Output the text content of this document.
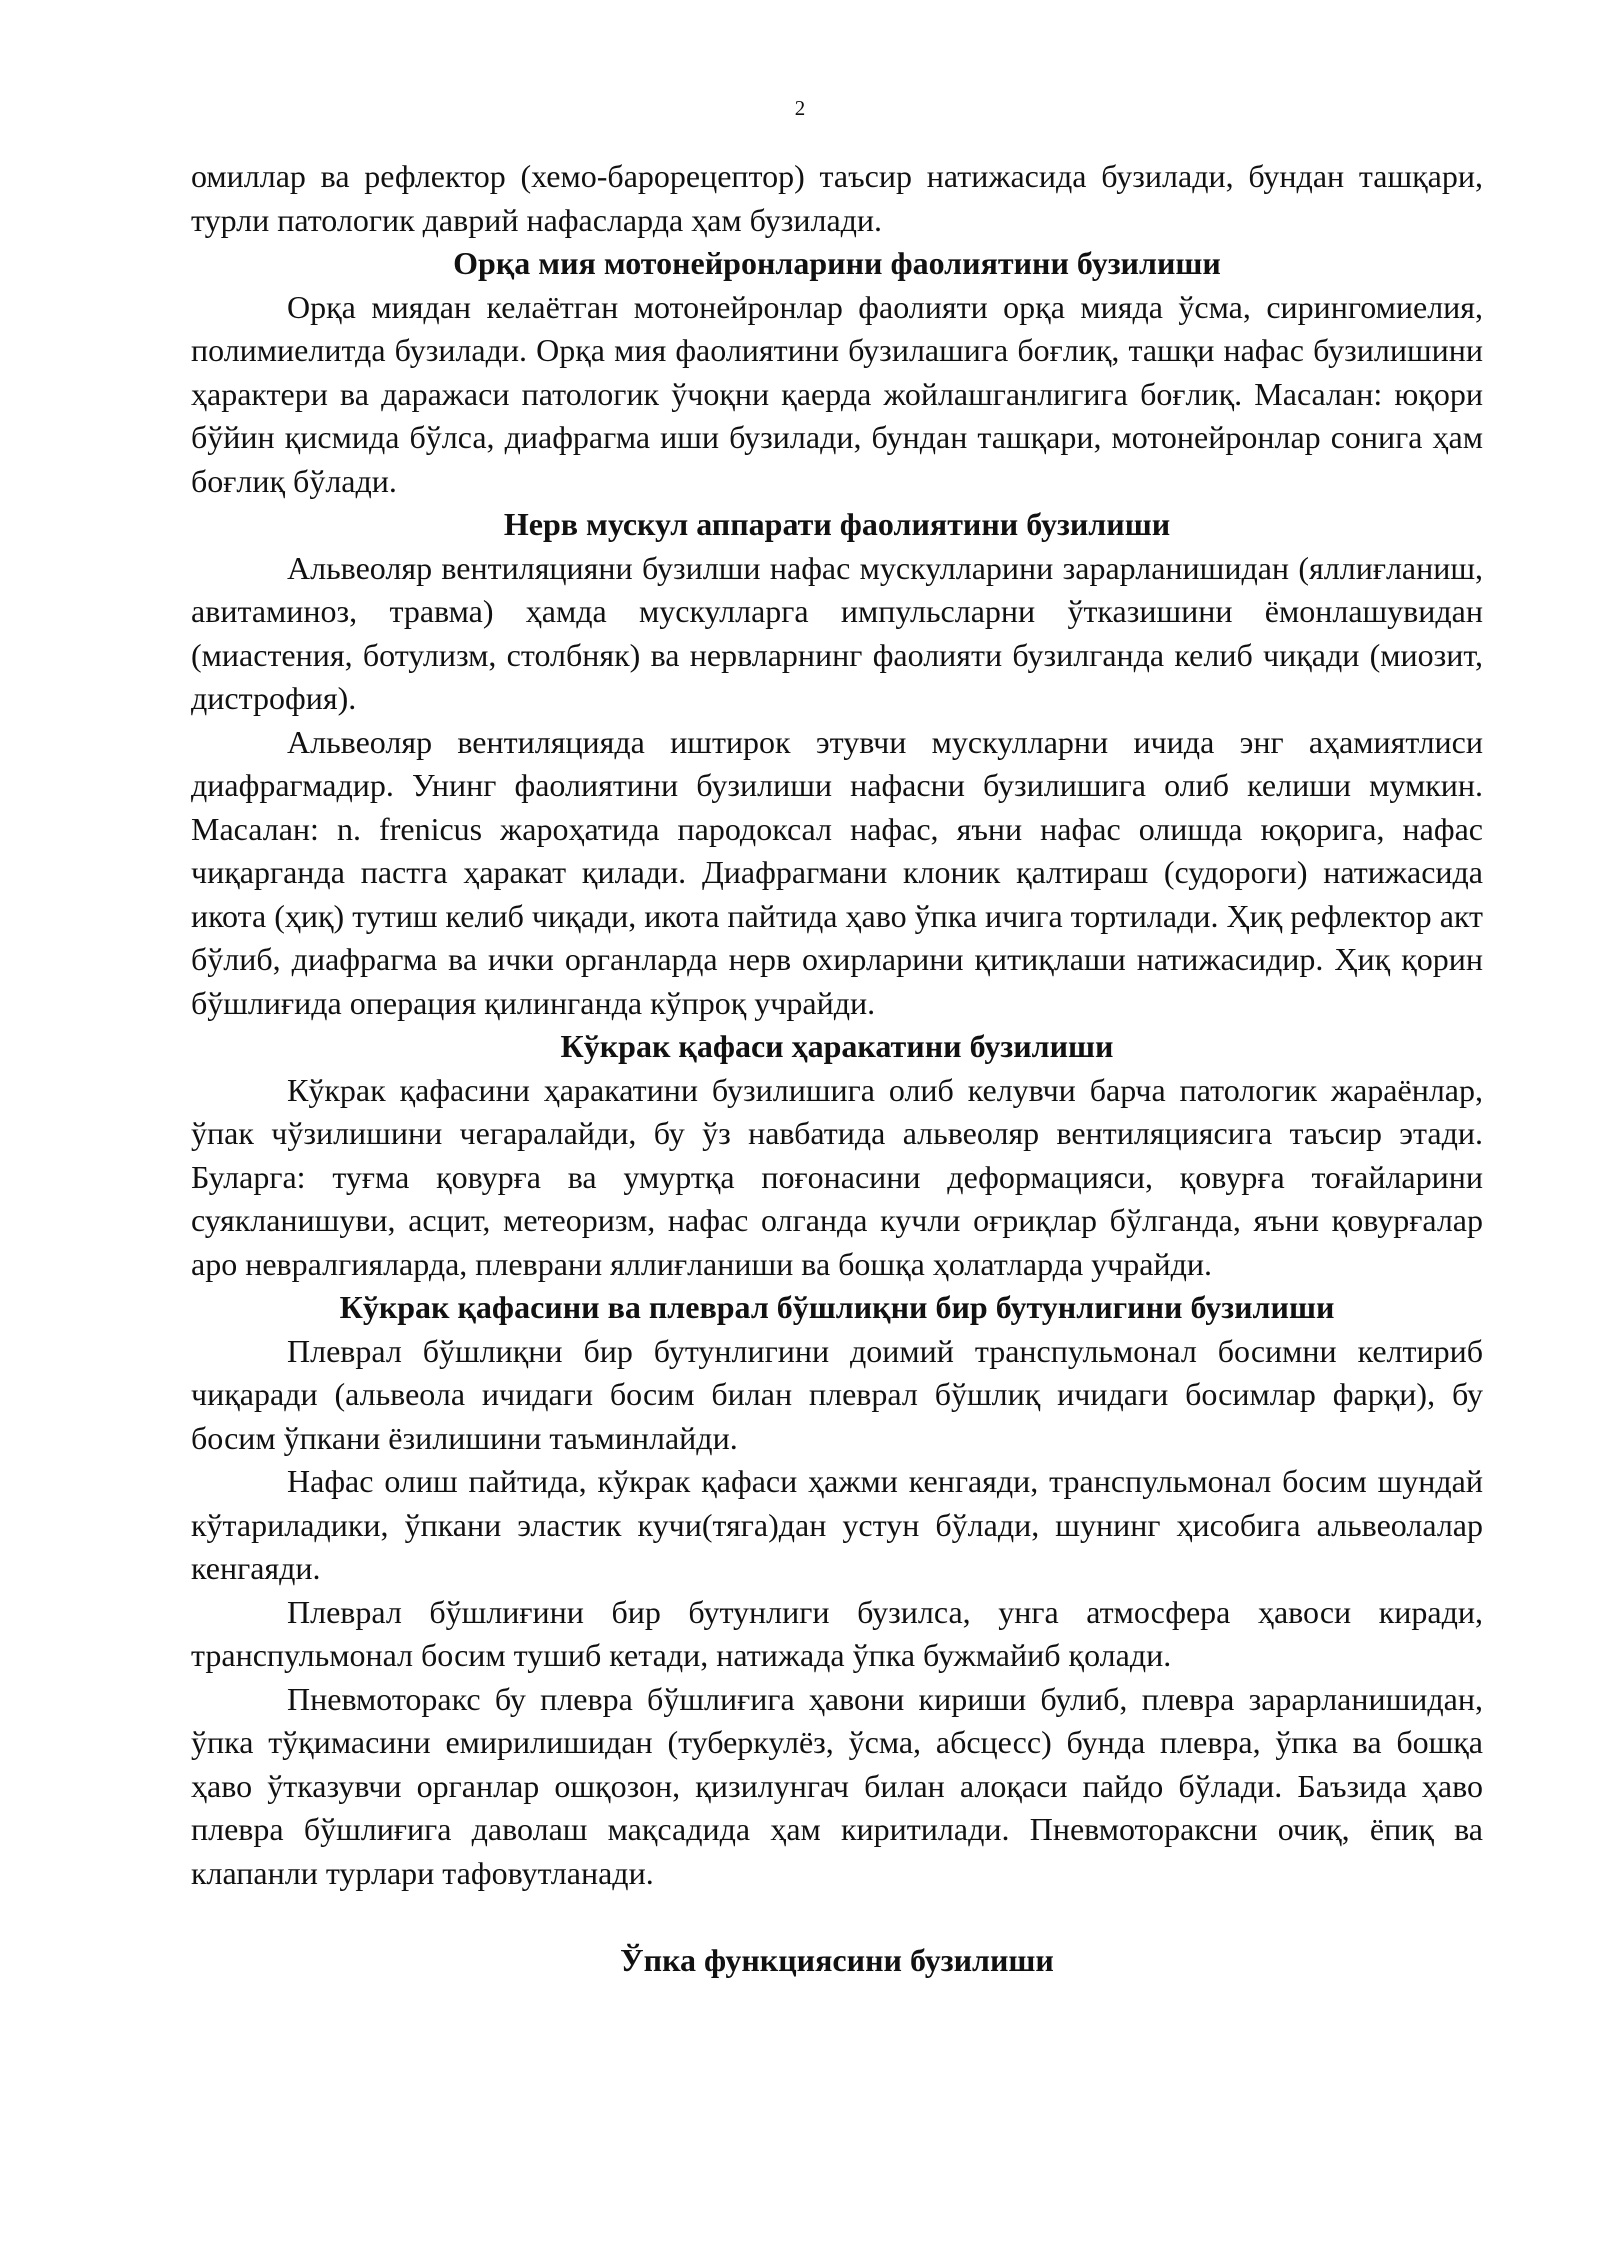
2

омиллар ва рефлектор (хемо-барорецептор) таъсир натижасида бузилади, бундан ташқари, турли патологик даврий нафасларда ҳам бузилади.

Орқа мия мотонейронларини фаолиятини бузилиши

Орқа миядан келаётган мотонейронлар фаолияти орқа мияда ўсма, сирингомиелия, полимиелитда бузилади. Орқа мия фаолиятини бузилашига боғлиқ, ташқи нафас бузилишини ҳарактери ва даражаси патологик ўчоқни қаерда жойлашганлигига боғлиқ. Масалан: юқори бўйин қисмида бўлса, диафрагма иши бузилади, бундан ташқари, мотонейронлар сонига ҳам боғлиқ бўлади.

Нерв мускул аппарати фаолиятини бузилиши

Альвеоляр вентиляцияни бузилши нафас мускулларини зарарланишидан (яллиғланиш, авитаминоз, травма) ҳамда мускулларга импульсларни ўтказишини ёмонлашувидан (миастения, ботулизм, столбняк) ва нервларнинг фаолияти бузилганда келиб чиқади (миозит, дистрофия).

Альвеоляр вентиляцияда иштирок этувчи мускулларни ичида энг аҳамиятлиси диафрагмадир. Унинг фаолиятини бузилиши нафасни бузилишига олиб келиши мумкин. Масалан: n. frenicus жароҳатида пародоксал нафас, яъни нафас олишда юқорига, нафас чиқарганда пастга ҳаракат қилади. Диафрагмани клоник қалтираш (судороги) натижасида икота (ҳиқ) тутиш келиб чиқади, икота пайтида ҳаво ўпка ичига тортилади. Ҳиқ рефлектор акт бўлиб, диафрагма ва ички органларда нерв охирларини қитиқлаши натижасидир. Ҳиқ қорин бўшлиғида операция қилинганда кўпроқ учрайди.

Кўкрак қафаси ҳаракатини бузилиши

Кўкрак қафасини ҳаракатини бузилишига олиб келувчи барча патологик жараёнлар, ўпак чўзилишини чегаралайди, бу ўз навбатида альвеоляр вентиляциясига таъсир этади. Буларга: туғма қовурға ва умуртқа поғонасини деформацияси, қовурға тоғайларини суякланишуви, асцит, метеоризм, нафас олганда кучли оғриқлар бўлганда, яъни қовурғалар аро невралгияларда, плеврани яллиғланиши ва бошқа ҳолатларда учрайди.

Кўкрак қафасини ва плеврал бўшлиқни бир бутунлигини бузилиши

Плеврал бўшлиқни бир бутунлигини доимий транспульмонал босимни келтириб чиқаради (альвеола ичидаги босим билан плеврал бўшлиқ ичидаги босимлар фарқи), бу босим ўпкани ёзилишини таъминлайди.

Нафас олиш пайтида, кўкрак қафаси ҳажми кенгаяди, транспульмонал босим шундай кўтариладики, ўпкани эластик кучи(тяга)дан устун бўлади, шунинг ҳисобига альвеолалар кенгаяди.

Плеврал бўшлиғини бир бутунлиги бузилса, унга атмосфера ҳавоси киради, транспульмонал босим тушиб кетади, натижада ўпка бужмайиб қолади.

Пневмоторакс бу плевра бўшлиғига ҳавони кириши булиб, плевра зарарланишидан, ўпка тўқимасини емирилишидан (туберкулёз, ўсма, абсцесс) бунда плевра, ўпка ва бошқа ҳаво ўтказувчи органлар ошқозон, қизилунгач билан алоқаси пайдо бўлади. Баъзида ҳаво плевра бўшлиғига даволаш мақсадида ҳам киритилади. Пневмотораксни очиқ, ёпиқ ва клапанли турлари тафовутланади.

Ўпка функциясини бузилиши
